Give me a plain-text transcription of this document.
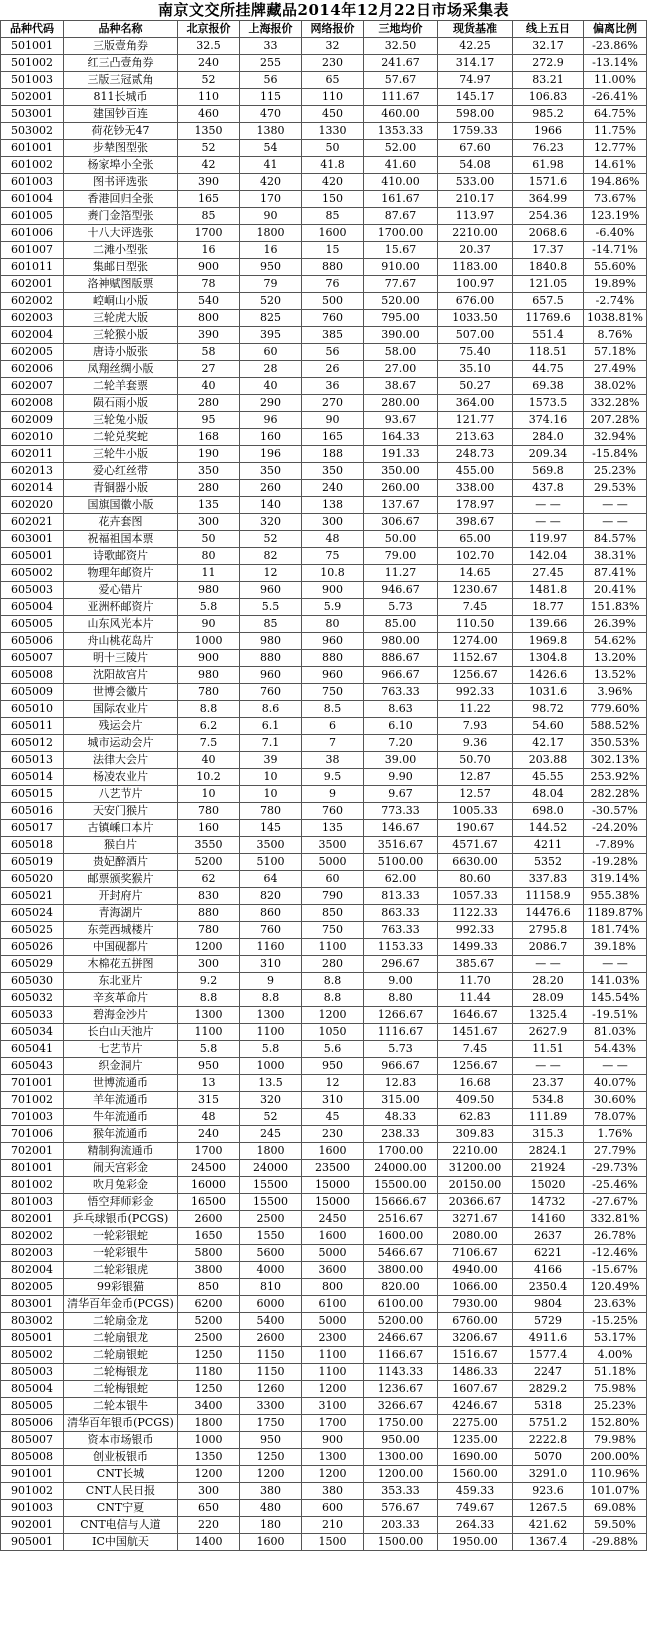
南京文交所挂牌藏品2014年12月22日市场采集表
品种代码	品种名称	北京报价	上海报价	网络报价	三地均价	现货基准	线上五日	偏离比例
501001	三版壹角券	32.5	33	32	32.50	42.25	32.17	-23.86%
501002	红三凸壹角券	240	255	230	241.67	314.17	272.9	-13.14%
501003	三版三冠贰角	52	56	65	57.67	74.97	83.21	11.00%
502001	811长城币	110	115	110	111.67	145.17	106.83	-26.41%
503001	建国钞百连	460	470	450	460.00	598.00	985.2	64.75%
503002	荷花钞无47	1350	1380	1330	1353.33	1759.33	1966	11.75%
601001	步辇图型张	52	54	50	52.00	67.60	76.23	12.77%
601002	杨家埠小全张	42	41	41.8	41.60	54.08	61.98	14.61%
601003	图书评选张	390	420	420	410.00	533.00	1571.6	194.86%
601004	香港回归全张	165	170	150	161.67	210.17	364.99	73.67%
601005	赉门金箔型张	85	90	85	87.67	113.97	254.36	123.19%
601006	十八大评选张	1700	1800	1600	1700.00	2210.00	2068.6	-6.40%
601007	二滩小型张	16	16	15	15.67	20.37	17.37	-14.71%
601011	集邮日型张	900	950	880	910.00	1183.00	1840.8	55.60%
602001	洛神赋图版票	78	79	76	77.67	100.97	121.05	19.89%
602002	崆峒山小版	540	520	500	520.00	676.00	657.5	-2.74%
602003	三轮虎大版	800	825	760	795.00	1033.50	11769.6	1038.81%
602004	三轮猴小版	390	395	385	390.00	507.00	551.4	8.76%
602005	唐诗小版张	58	60	56	58.00	75.40	118.51	57.18%
602006	凤翔丝绸小版	27	28	26	27.00	35.10	44.75	27.49%
602007	二轮羊套票	40	40	36	38.67	50.27	69.38	38.02%
602008	陨石雨小版	280	290	270	280.00	364.00	1573.5	332.28%
602009	三轮兔小版	95	96	90	93.67	121.77	374.16	207.28%
602010	二轮兑奖蛇	168	160	165	164.33	213.63	284.0	32.94%
602011	三轮牛小版	190	196	188	191.33	248.73	209.34	-15.84%
602013	爱心红丝带	350	350	350	350.00	455.00	569.8	25.23%
602014	青铜器小版	280	260	240	260.00	338.00	437.8	29.53%
602020	国旗国徽小版	135	140	138	137.67	178.97	— —	— —
602021	花卉套图	300	320	300	306.67	398.67	— —	— —
603001	祝福祖国本票	50	52	48	50.00	65.00	119.97	84.57%
605001	诗歌邮资片	80	82	75	79.00	102.70	142.04	38.31%
605002	物理年邮资片	11	12	10.8	11.27	14.65	27.45	87.41%
605003	爱心错片	980	960	900	946.67	1230.67	1481.8	20.41%
605004	亚洲杯邮资片	5.8	5.5	5.9	5.73	7.45	18.77	151.83%
605005	山东风光本片	90	85	80	85.00	110.50	139.66	26.39%
605006	舟山桃花岛片	1000	980	960	980.00	1274.00	1969.8	54.62%
605007	明十三陵片	900	880	880	886.67	1152.67	1304.8	13.20%
605008	沈阳故宫片	980	960	960	966.67	1256.67	1426.6	13.52%
605009	世博会徽片	780	760	750	763.33	992.33	1031.6	3.96%
605010	国际农业片	8.8	8.6	8.5	8.63	11.22	98.72	779.60%
605011	残运会片	6.2	6.1	6	6.10	7.93	54.60	588.52%
605012	城市运动会片	7.5	7.1	7	7.20	9.36	42.17	350.53%
605013	法律大会片	40	39	38	39.00	50.70	203.88	302.13%
605014	杨凌农业片	10.2	10	9.5	9.90	12.87	45.55	253.92%
605015	八艺节片	10	10	9	9.67	12.57	48.04	282.28%
605016	天安门猴片	780	780	760	773.33	1005.33	698.0	-30.57%
605017	古镇嵊口本片	160	145	135	146.67	190.67	144.52	-24.20%
605018	猴白片	3550	3500	3500	3516.67	4571.67	4211	-7.89%
605019	贵妃醉酒片	5200	5100	5000	5100.00	6630.00	5352	-19.28%
605020	邮票颁奖猴片	62	64	60	62.00	80.60	337.83	319.14%
605021	开封府片	830	820	790	813.33	1057.33	11158.9	955.38%
605024	青海湖片	880	860	850	863.33	1122.33	14476.6	1189.87%
605025	东莞西城楼片	780	760	750	763.33	992.33	2795.8	181.74%
605026	中国砚都片	1200	1160	1100	1153.33	1499.33	2086.7	39.18%
605029	木棉花五拼图	300	310	280	296.67	385.67	— —	— —
605030	东北亚片	9.2	9	8.8	9.00	11.70	28.20	141.03%
605032	辛亥革命片	8.8	8.8	8.8	8.80	11.44	28.09	145.54%
605033	碧海金沙片	1300	1300	1200	1266.67	1646.67	1325.4	-19.51%
605034	长白山天池片	1100	1100	1050	1116.67	1451.67	2627.9	81.03%
605041	七艺节片	5.8	5.8	5.6	5.73	7.45	11.51	54.43%
605043	织金洞片	950	1000	950	966.67	1256.67	— —	— —
701001	世博流通币	13	13.5	12	12.83	16.68	23.37	40.07%
701002	羊年流通币	315	320	310	315.00	409.50	534.8	30.60%
701003	牛年流通币	48	52	45	48.33	62.83	111.89	78.07%
701006	猴年流通币	240	245	230	238.33	309.83	315.3	1.76%
702001	精制狗流通币	1700	1800	1600	1700.00	2210.00	2824.1	27.79%
801001	闹天宫彩金	24500	24000	23500	24000.00	31200.00	21924	-29.73%
801002	吹月兔彩金	16000	15500	15000	15500.00	20150.00	15020	-25.46%
801003	悟空拜师彩金	16500	15500	15000	15666.67	20366.67	14732	-27.67%
802001	乒乓球银币(PCGS)	2600	2500	2450	2516.67	3271.67	14160	332.81%
802002	一轮彩银蛇	1650	1550	1600	1600.00	2080.00	2637	26.78%
802003	一轮彩银牛	5800	5600	5000	5466.67	7106.67	6221	-12.46%
802004	二轮彩银虎	3800	4000	3600	3800.00	4940.00	4166	-15.67%
802005	99彩银猫	850	810	800	820.00	1066.00	2350.4	120.49%
803001	清华百年金币(PCGS)	6200	6000	6100	6100.00	7930.00	9804	23.63%
803002	二轮扇金龙	5200	5400	5000	5200.00	6760.00	5729	-15.25%
805001	二轮扇银龙	2500	2600	2300	2466.67	3206.67	4911.6	53.17%
805002	二轮扇银蛇	1250	1150	1100	1166.67	1516.67	1577.4	4.00%
805003	二轮梅银龙	1180	1150	1100	1143.33	1486.33	2247	51.18%
805004	二轮梅银蛇	1250	1260	1200	1236.67	1607.67	2829.2	75.98%
805005	二轮本银牛	3400	3300	3100	3266.67	4246.67	5318	25.23%
805006	清华百年银币(PCGS)	1800	1750	1700	1750.00	2275.00	5751.2	152.80%
805007	资本市场银币	1000	950	900	950.00	1235.00	2222.8	79.98%
805008	创业板银币	1350	1250	1300	1300.00	1690.00	5070	200.00%
901001	CNT长城	1200	1200	1200	1200.00	1560.00	3291.0	110.96%
901002	CNT人民日报	300	380	380	353.33	459.33	923.6	101.07%
901003	CNT宁夏	650	480	600	576.67	749.67	1267.5	69.08%
902001	CNT电信与人道	220	180	210	203.33	264.33	421.62	59.50%
905001	IC中国航天	1400	1600	1500	1500.00	1950.00	1367.4	-29.88%
